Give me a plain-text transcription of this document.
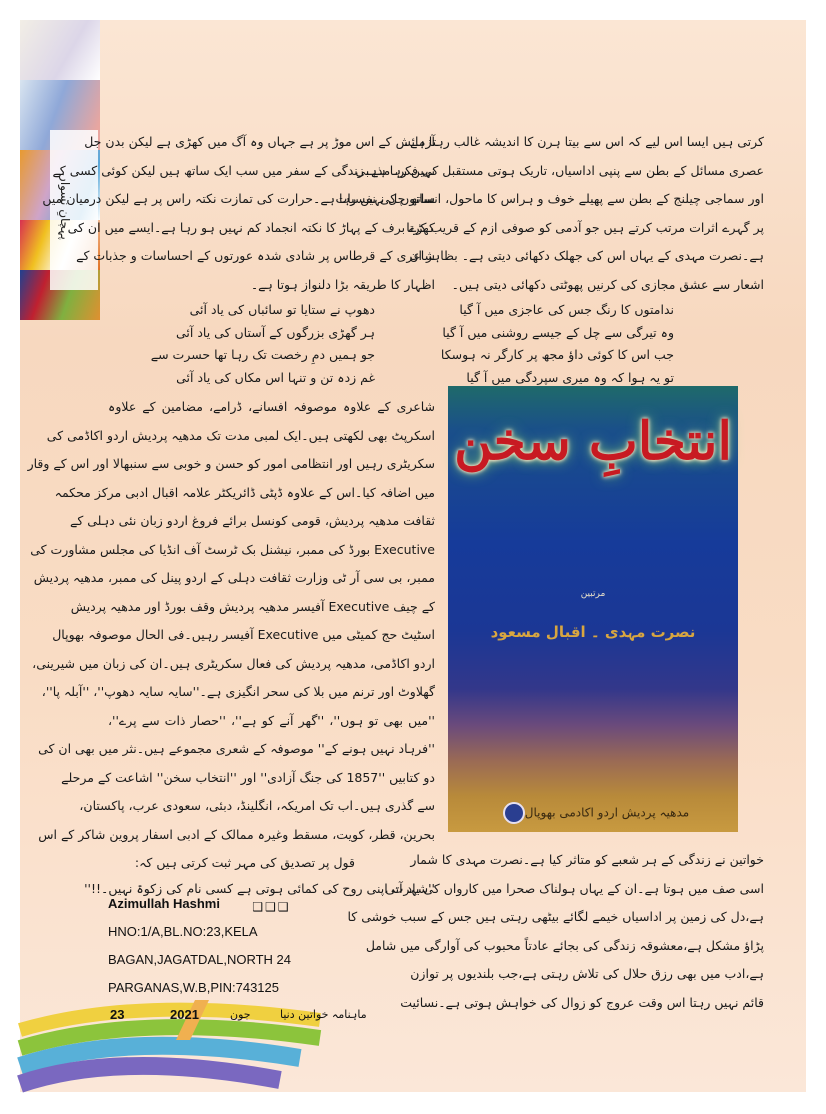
پہچانِ نسواں
آزمائش کے اس موڑ پر ہے جہاں وہ آگ میں کھڑی ہے لیکن بدن جل
نہیں رہا ہے۔زندگی کے سفر میں سب ایک ساتھ ہیں لیکن کوئی کسی کے
ساتھ چل نہیں رہا ہے۔حرارت کی تمازت نکتہ راس پر ہے لیکن درمیان میں
کھڑے برف کے پہاڑ کا نکتہ انجماد کم نہیں ہو رہا ہے۔ایسے میں ان کی
شاعری کے قرطاس پر شادی شدہ عورتوں کے احساسات و جذبات کے
اظہار کا طریقہ بڑا دلنواز ہوتا ہے۔
دھوپ نے ستایا تو سائباں کی یاد آئی
ہر گھڑی بزرگوں کے آستاں کی یاد آئی
جو ہمیں دمِ رخصت تک رہا تھا حسرت سے
غم زدہ تن و تنہا اس مکاں کی یاد آئی
شاعری کے علاوہ موصوفہ افسانے، ڈرامے، مضامین کے علاوہ
اسکرپٹ بھی لکھتی ہیں۔ایک لمبی مدت تک مدھیہ پردیش اردو اکاڈمی کی
سکریٹری رہیں اور انتظامی امور کو حسن و خوبی سے سنبھالا اور اس کے وقار
میں اضافہ کیا۔اس کے علاوہ ڈپٹی ڈائریکٹر علامہ اقبال ادبی مرکز محکمہ
ثقافت مدھیہ پردیش، قومی کونسل برائے فروغ اردو زبان نئی دہلی کے
Executive بورڈ کی ممبر، نیشنل بک ٹرسٹ آف انڈیا کی مجلس مشاورت کی
ممبر، بی سی آر ٹی وزارت ثقافت دہلی کے اردو پینل کی ممبر، مدھیہ پردیش
کے چیف Executive آفیسر مدھیہ پردیش وقف بورڈ اور مدھیہ پردیش
اسٹیٹ حج کمیٹی میں Executive آفیسر رہیں۔فی الحال موصوفہ بھوپال
اردو اکاڈمی، مدھیہ پردیش کی فعال سکریٹری ہیں۔ان کی زبان میں شیرینی،
گھلاوٹ اور ترنم میں بلا کی سحر انگیزی ہے۔''سایہ سایہ دھوپ''، ''آبلہ پا''،
''میں بھی تو ہوں''، ''گھر آنے کو ہے''، ''حصار ذات سے پرے''،
''فرہاد نہیں ہونے کے'' موصوفہ کے شعری مجموعے ہیں۔نثر میں بھی ان کی
دو کتابیں ''1857 کی جنگ آزادی'' اور ''انتخاب سخن'' اشاعت کے مرحلے
سے گذری ہیں۔اب تک امریکہ، انگلینڈ، دبئی، سعودی عرب، پاکستان،
بحرین، قطر، کویت، مسقط وغیرہ ممالک کے ادبی اسفار پروین شاکر کے اس
قول پر تصدیق کی مہر ثبت کرتی ہیں کہ:
''شہرت اپنی روح کی کمائی ہوتی ہے کسی نام کی زکوۃ نہیں۔!!''
❑❑❑
Azimullah Hashmi
HNO:1/A,BL.NO:23,KELA
BAGAN,JAGATDAL,NORTH 24
PARGANAS,W.B,PIN:743125
کرتی ہیں ایسا اس لیے کہ اس سے بیتا ہرن کا اندیشہ غالب رہتا ہے۔
عصری مسائل کے بطن سے پنپی اداسیاں، تاریک ہوتی مستقبل کی فکر، مذہبی
اور سماجی چیلنج کے بطن سے پھیلے خوف و ہراس کا ماحول، انسانوں کی نفسیات
پر گہرے اثرات مرتب کرتے ہیں جو آدمی کو صوفی ازم کے قریب کرتا
ہے۔نصرت مہدی کے یہاں اس کی جھلک دکھائی دیتی ہے۔ بظاہر ان
اشعار سے عشق مجازی کی کرنیں پھوٹتی دکھائی دیتی ہیں۔
ندامتوں کا رنگ جس کی عاجزی میں آ گیا
وہ تیرگی سے چل کے جیسے روشنی میں آ گیا
جب اس کا کوئی داؤ مجھ پر کارگر نہ ہوسکا
تو یہ ہوا کہ وہ میری سپردگی میں آ گیا
انتخابِ سخن
مرتبین
نصرت مہدی ۔ اقبال مسعود
مدھیہ پردیش اردو اکادمی بھوپال
خواتین نے زندگی کے ہر شعبے کو متاثر کیا ہے۔نصرت مہدی کا شمار
اسی صف میں ہوتا ہے۔ان کے یہاں ہولناک صحرا میں کارواں کی یاد آتی
ہے،دل کی زمین پر اداسیاں خیمے لگائے بیٹھی رہتی ہیں جس کے سبب خوشی کا
پڑاؤ مشکل ہے،معشوقہ زندگی کی بجائے عادتاً محبوب کی آوارگی میں شامل
ہے،ادب میں بھی رزق حلال کی تلاش رہتی ہے،جب بلندیوں پر توازن
قائم نہیں رہتا اس وقت عروج کو زوال کی خواہش ہوتی ہے۔نسائیت
23	2021	جون	ماہنامہ خواتین دنیا
